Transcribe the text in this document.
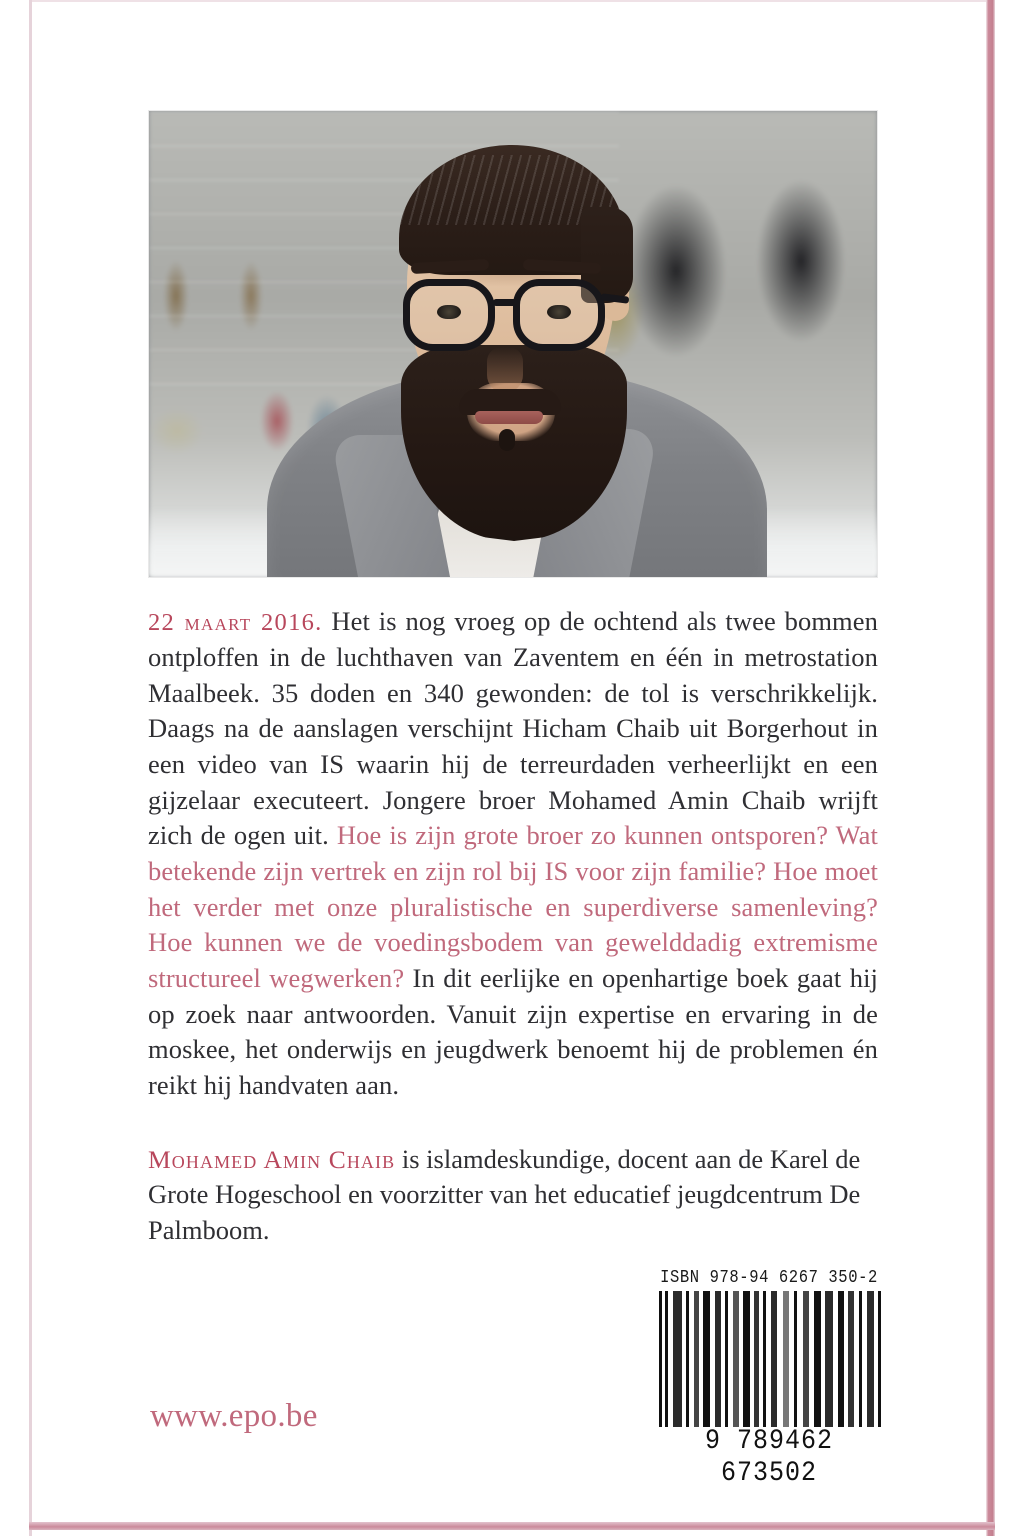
22 maart 2016. Het is nog vroeg op de ochtend als twee bommen ontploffen in de luchthaven van Zaventem en één in metrostation Maalbeek. 35 doden en 340 gewonden: de tol is verschrikkelijk. Daags na de aanslagen verschijnt Hicham Chaib uit Borgerhout in een video van IS waarin hij de terreurdaden verheerlijkt en een gijzelaar executeert. Jongere broer Mohamed Amin Chaib wrijft zich de ogen uit. Hoe is zijn grote broer zo kunnen ontsporen? Wat betekende zijn vertrek en zijn rol bij IS voor zijn familie? Hoe moet het verder met onze pluralistische en superdiverse samenleving? Hoe kunnen we de voedingsbodem van gewelddadig extremisme structureel wegwerken? In dit eerlijke en openhartige boek gaat hij op zoek naar antwoorden. Vanuit zijn expertise en ervaring in de moskee, het onderwijs en jeugdwerk benoemt hij de problemen én reikt hij handvaten aan.

Mohamed Amin Chaib is islamdeskundige, docent aan de Karel de Grote Hogeschool en voorzitter van het educatief jeugdcentrum De Palmboom.

www.epo.be
ISBN 978-94 6267 350-2
9 789462 673502
